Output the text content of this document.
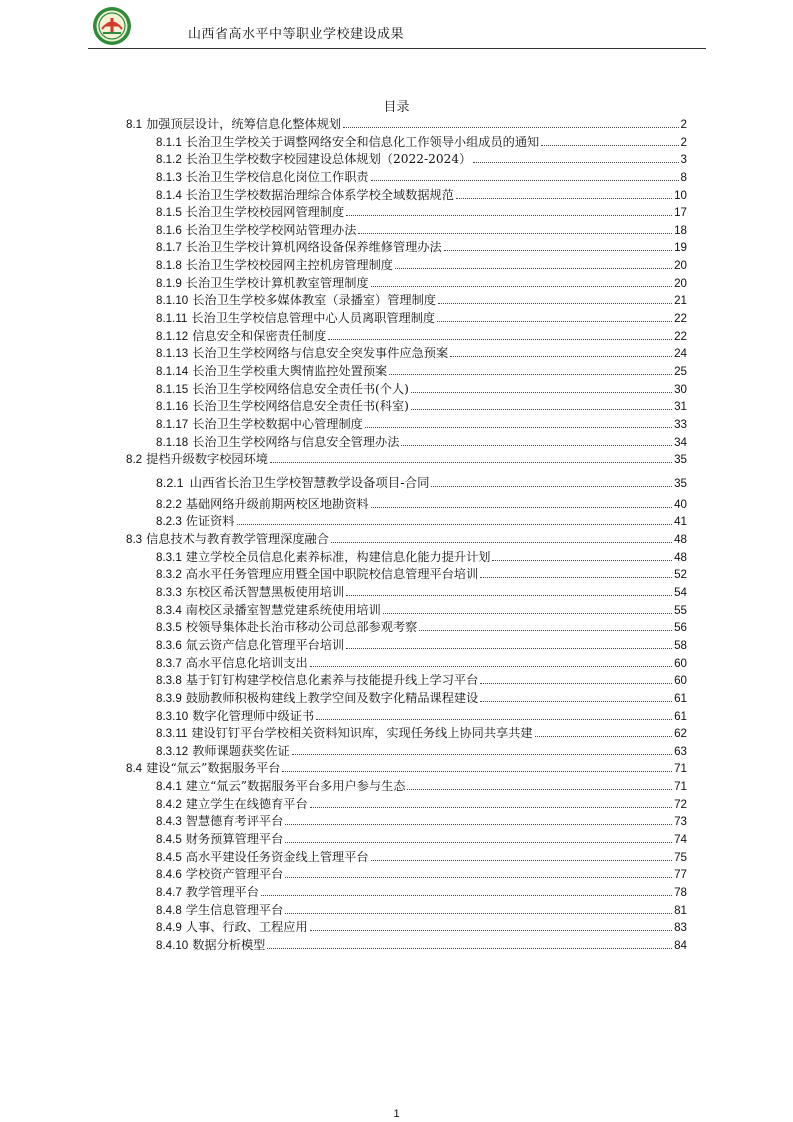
山西省高水平中等职业学校建设成果
目录
8.1 加强顶层设计，统筹信息化整体规划	2
8.1.1 长治卫生学校关于调整网络安全和信息化工作领导小组成员的通知	2
8.1.2 长治卫生学校数字校园建设总体规划（2022-2024）	3
8.1.3 长治卫生学校信息化岗位工作职责	8
8.1.4 长治卫生学校数据治理综合体系学校全域数据规范	10
8.1.5 长治卫生学校校园网管理制度	17
8.1.6 长治卫生学校学校网站管理办法	18
8.1.7 长治卫生学校计算机网络设备保养维修管理办法	19
8.1.8 长治卫生学校校园网主控机房管理制度	20
8.1.9 长治卫生学校计算机教室管理制度	20
8.1.10 长治卫生学校多媒体教室（录播室）管理制度	21
8.1.11 长治卫生学校信息管理中心人员离职管理制度	22
8.1.12 信息安全和保密责任制度	22
8.1.13 长治卫生学校网络与信息安全突发事件应急预案	24
8.1.14 长治卫生学校重大舆情监控处置预案	25
8.1.15 长治卫生学校网络信息安全责任书(个人)	30
8.1.16 长治卫生学校网络信息安全责任书(科室)	31
8.1.17 长治卫生学校数据中心管理制度	33
8.1.18 长治卫生学校网络与信息安全管理办法	34
8.2 提档升级数字校园环境	35
8.2.1 山西省长治卫生学校智慧教学设备项目-合同	35
8.2.2 基础网络升级前期两校区地勘资料	40
8.2.3 佐证资料	41
8.3 信息技术与教育教学管理深度融合	48
8.3.1 建立学校全员信息化素养标准，构建信息化能力提升计划	48
8.3.2 高水平任务管理应用暨全国中职院校信息管理平台培训	52
8.3.3 东校区希沃智慧黑板使用培训	54
8.3.4 南校区录播室智慧党建系统使用培训	55
8.3.5 校领导集体赴长治市移动公司总部参观考察	56
8.3.6 氚云资产信息化管理平台培训	58
8.3.7 高水平信息化培训支出	60
8.3.8 基于钉钉构建学校信息化素养与技能提升线上学习平台	60
8.3.9 鼓励教师积极构建线上教学空间及数字化精品课程建设	61
8.3.10 数字化管理师中级证书	61
8.3.11 建设钉钉平台学校相关资料知识库，实现任务线上协同共享共建	62
8.3.12 教师课题获奖佐证	63
8.4 建设“氚云”数据服务平台	71
8.4.1 建立“氚云”数据服务平台多用户参与生态	71
8.4.2 建立学生在线德育平台	72
8.4.3 智慧德育考评平台	73
8.4.5 财务预算管理平台	74
8.4.5 高水平建设任务资金线上管理平台	75
8.4.6 学校资产管理平台	77
8.4.7 教学管理平台	78
8.4.8 学生信息管理平台	81
8.4.9 人事、行政、工程应用	83
8.4.10 数据分析模型	84
1
